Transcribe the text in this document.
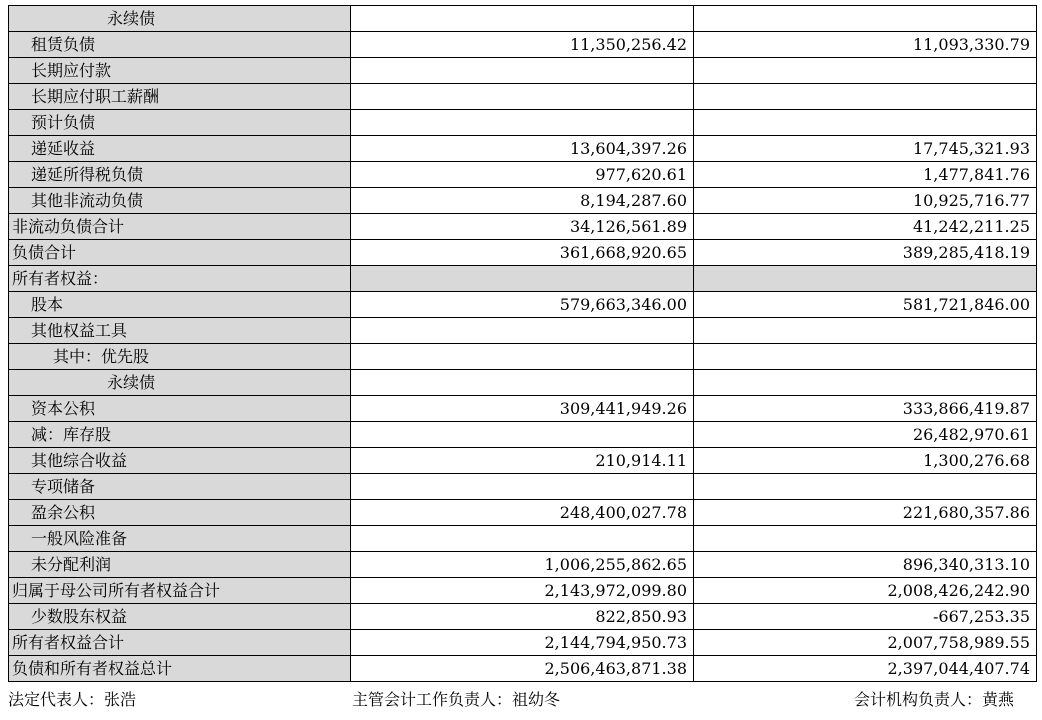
永续债		
租赁负债	11,350,256.42	11,093,330.79
长期应付款		
长期应付职工薪酬		
预计负债		
递延收益	13,604,397.26	17,745,321.93
递延所得税负债	977,620.61	1,477,841.76
其他非流动负债	8,194,287.60	10,925,716.77
非流动负债合计	34,126,561.89	41,242,211.25
负债合计	361,668,920.65	389,285,418.19
所有者权益：		
股本	579,663,346.00	581,721,846.00
其他权益工具		
其中：优先股		
永续债		
资本公积	309,441,949.26	333,866,419.87
减：库存股		26,482,970.61
其他综合收益	210,914.11	1,300,276.68
专项储备		
盈余公积	248,400,027.78	221,680,357.86
一般风险准备		
未分配利润	1,006,255,862.65	896,340,313.10
归属于母公司所有者权益合计	2,143,972,099.80	2,008,426,242.90
少数股东权益	822,850.93	-667,253.35
所有者权益合计	2,144,794,950.73	2,007,758,989.55
负债和所有者权益总计	2,506,463,871.38	2,397,044,407.74
法定代表人：张浩	主管会计工作负责人：祖幼冬	会计机构负责人：黄燕
